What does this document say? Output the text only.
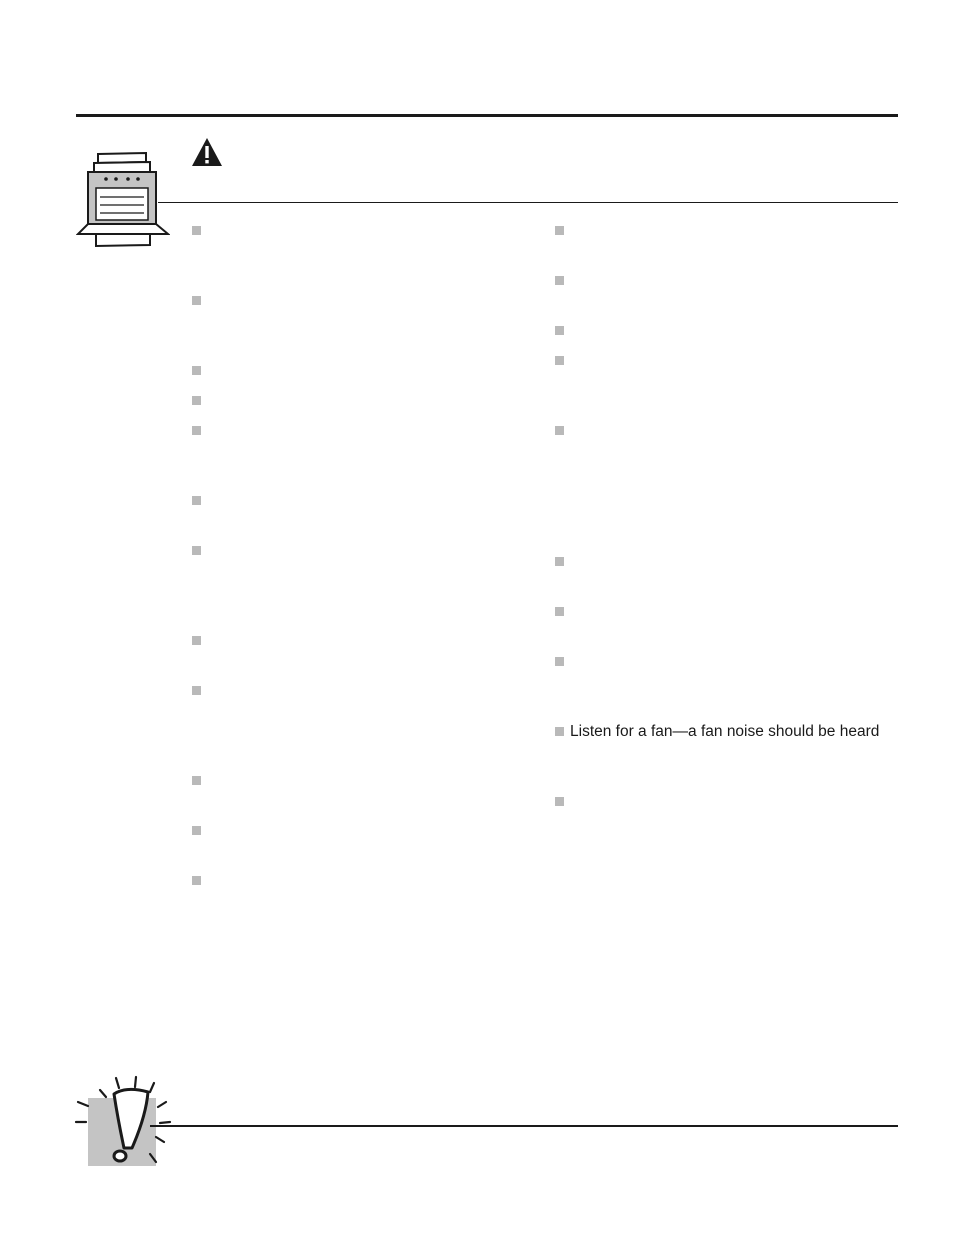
Listen for a fan—a fan noise should be heard
